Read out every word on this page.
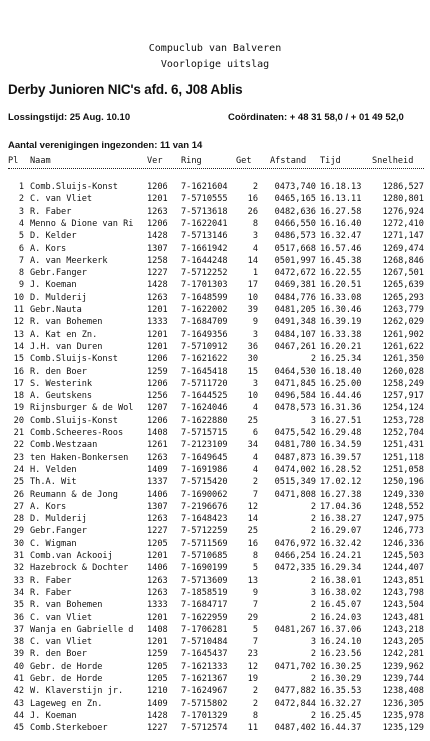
Compuclub van Balveren
Voorlopige uitslag
Derby Junioren NIC's afd. 6, J08 Ablis
Lossingstijd: 25 Aug. 10.10	Coördinaten: + 48 31 58,0 / + 01 49 52,0
Aantal verenigingen ingezonden: 11 van 14
Pl	Naam	Ver Ring	Get	Afstand	Tijd	Snelheid
1 Comb.Sluijs-Konst	1206 7-1621604	2	0473,740 16.18.13	1286,527
2 C. van Vliet	1201 7-5710555	16	0465,165 16.13.11	1280,801
3 R. Faber	1263 7-5713618	26	0482,636 16.27.58	1276,924
4 Menno & Dione van Ri	1206 7-1622041	8	0466,550 16.16.40	1272,410
5 D. Kelder	1428 7-5713146	3	0486,573 16.32.47	1271,147
6 A. Kors	1307 7-1661942	4	0517,668 16.57.46	1269,474
7 A. van Meerkerk	1258 7-1644248	14	0501,997 16.45.38	1268,846
8 Gebr.Fanger	1227 7-5712252	1	0472,672 16.22.55	1267,501
9 J. Koeman	1428 7-1701303	17	0469,381 16.20.51	1265,639
10 D. Mulderij	1263 7-1648599	10	0484,776 16.33.08	1265,293
11 Gebr.Nauta	1201 7-1622002	39	0481,205 16.30.46	1263,779
12 R. van Bohemen	1333 7-1684709	9	0491,348 16.39.19	1262,029
13 A. Kat en Zn.	1201 7-1649356	3	0484,107 16.33.38	1261,902
14 J.H. van Duren	1201 7-5710912	36	0467,261 16.20.21	1261,622
15 Comb.Sluijs-Konst	1206 7-1621622	30	2 16.25.34	1261,350
16 R. den Boer	1259 7-1645418	15	0464,530 16.18.40	1260,028
17 S. Westerink	1206 7-5711720	3	0471,845 16.25.00	1258,249
18 A. Geutskens	1256 7-1644525	10	0496,584 16.44.46	1257,917
19 Rijnsburger & de Wol	1207 7-1624046	4	0478,573 16.31.36	1254,124
20 Comb.Sluijs-Konst	1206 7-1622880	25	3 16.27.51	1253,728
21 Comb.Scheeres-Roos	1408 7-5715715	6	0475,542 16.29.48	1252,704
22 Comb.Westzaan	1261 7-2123109	34	0481,780 16.34.59	1251,431
23 ten Haken-Bonkersen	1263 7-1649645	4	0487,873 16.39.57	1251,118
24 H. Velden	1409 7-1691986	4	0474,002 16.28.52	1251,058
25 Th.A. Wit	1337 7-5715420	2	0515,349 17.02.12	1250,196
26 Reumann & de Jong	1406 7-1690062	7	0471,808 16.27.38	1249,330
27 A. Kors	1307 7-2196676	12	2 17.04.36	1248,552
28 D. Mulderij	1263 7-1648423	14	2 16.38.27	1247,975
29 Gebr.Fanger	1227 7-5712259	25	2 16.29.07	1246,773
30 C. Wigman	1205 7-5711569	16	0476,972 16.32.42	1246,336
31 Comb.van Ackooij	1201 7-5710685	8	0466,254 16.24.21	1245,503
32 Hazebrock & Dochter	1406 7-1690199	5	0472,335 16.29.34	1244,407
33 R. Faber	1263 7-5713609	13	2 16.38.01	1243,851
34 R. Faber	1263 7-1858519	9	3 16.38.02	1243,798
35 R. van Bohemen	1333 7-1684717	7	2 16.45.07	1243,504
36 C. van Vliet	1201 7-1622959	29	2 16.24.03	1243,481
37 Wanja en Gabrielle d	1408 7-1706281	5	0481,267 16.37.06	1243,218
38 C. van Vliet	1201 7-5710484	7	3 16.24.10	1243,205
39 R. den Boer	1259 7-1645437	23	2 16.23.56	1242,281
40 Gebr. de Horde	1205 7-1621333	12	0471,702 16.30.25	1239,962
41 Gebr. de Horde	1205 7-1621367	19	2 16.30.29	1239,744
42 W. Klaverstijn jr.	1210 7-1624967	2	0477,882 16.35.53	1238,408
43 Lageweg en Zn.	1409 7-5715802	2	0472,844 16.32.27	1236,305
44 J. Koeman	1428 7-1701329	8	2 16.25.45	1235,978
45 Comb.Sterkeboer	1227 7-5712574	11	0487,402 16.44.37	1235,129
